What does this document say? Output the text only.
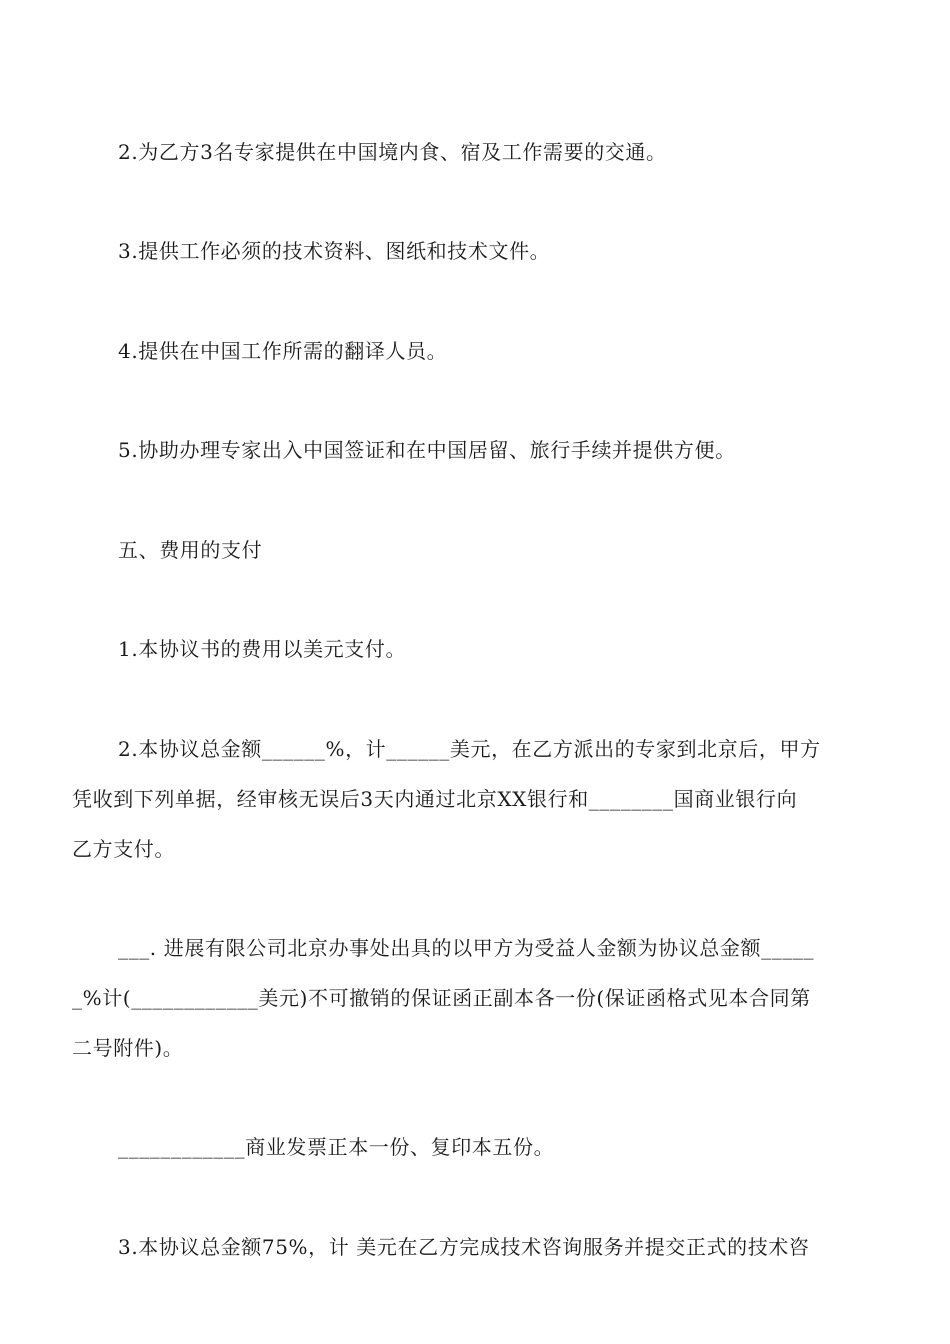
2.为乙方3名专家提供在中国境内食、宿及工作需要的交通。
3.提供工作必须的技术资料、图纸和技术文件。
4.提供在中国工作所需的翻译人员。
5.协助办理专家出入中国签证和在中国居留、旅行手续并提供方便。
五、费用的支付
1.本协议书的费用以美元支付。
2.本协议总金额______%，计______美元，在乙方派出的专家到北京后，甲方
凭收到下列单据，经审核无误后3天内通过北京XX银行和________国商业银行向
乙方支付。
___. 进展有限公司北京办事处出具的以甲方为受益人金额为协议总金额_____
_%计(____________美元)不可撤销的保证函正副本各一份(保证函格式见本合同第
二号附件)。
____________商业发票正本一份、复印本五份。
3.本协议总金额75%，计 美元在乙方完成技术咨询服务并提交正式的技术咨
